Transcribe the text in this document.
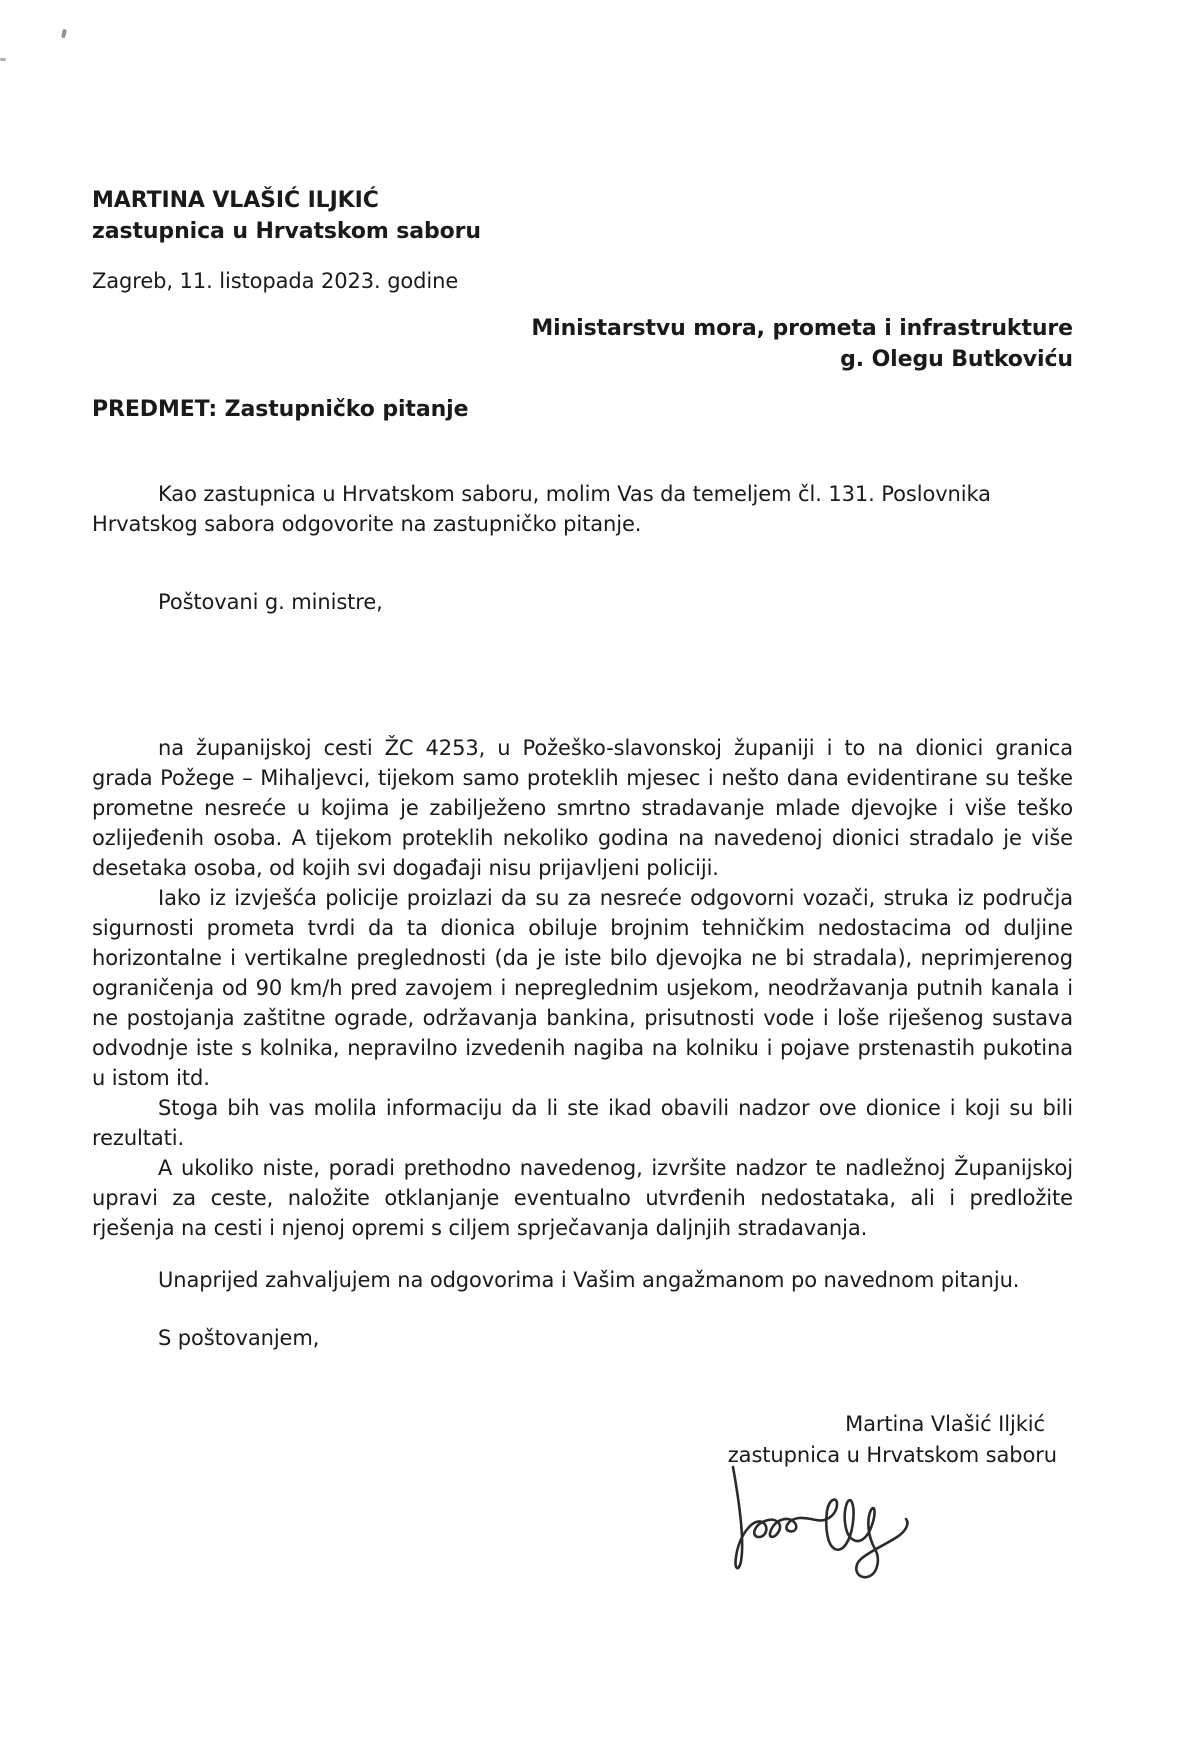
MARTINA VLAŠIĆ ILJKIĆ
zastupnica u Hrvatskom saboru
Zagreb, 11. listopada 2023. godine
Ministarstvu mora, prometa i infrastrukture
g. Olegu Butkoviću
PREDMET: Zastupničko pitanje

Kao zastupnica u Hrvatskom saboru, molim Vas da temeljem čl. 131. Poslovnika Hrvatskog sabora odgovorite na zastupničko pitanje.

Poštovani g. ministre,

na županijskoj cesti ŽC 4253, u Požeško-slavonskoj županiji i to na dionici granica grada Požege – Mihaljevci, tijekom samo proteklih mjesec i nešto dana evidentirane su teške prometne nesreće u kojima je zabilježeno smrtno stradavanje mlade djevojke i više teško ozlijeđenih osoba. A tijekom proteklih nekoliko godina na navedenoj dionici stradalo je više desetaka osoba, od kojih svi događaji nisu prijavljeni policiji.

Iako iz izvješća policije proizlazi da su za nesreće odgovorni vozači, struka iz područja sigurnosti prometa tvrdi da ta dionica obiluje brojnim tehničkim nedostacima od duljine horizontalne i vertikalne preglednosti (da je iste bilo djevojka ne bi stradala), neprimjerenog ograničenja od 90 km/h pred zavojem i nepreglednim usjekom, neodržavanja putnih kanala i ne postojanja zaštitne ograde, održavanja bankina, prisutnosti vode i loše riješenog sustava odvodnje iste s kolnika, nepravilno izvedenih nagiba na kolniku i pojave prstenastih pukotina u istom itd.

Stoga bih vas molila informaciju da li ste ikad obavili nadzor ove dionice i koji su bili rezultati.

A ukoliko niste, poradi prethodno navedenog, izvršite nadzor te nadležnoj Županijskoj upravi za ceste, naložite otklanjanje eventualno utvrđenih nedostataka, ali i predložite rješenja na cesti i njenoj opremi s ciljem sprječavanja daljnjih stradavanja.

Unaprijed zahvaljujem na odgovorima i Vašim angažmanom po navednom pitanju.

S poštovanjem,

Martina Vlašić Iljkić
zastupnica u Hrvatskom saboru
